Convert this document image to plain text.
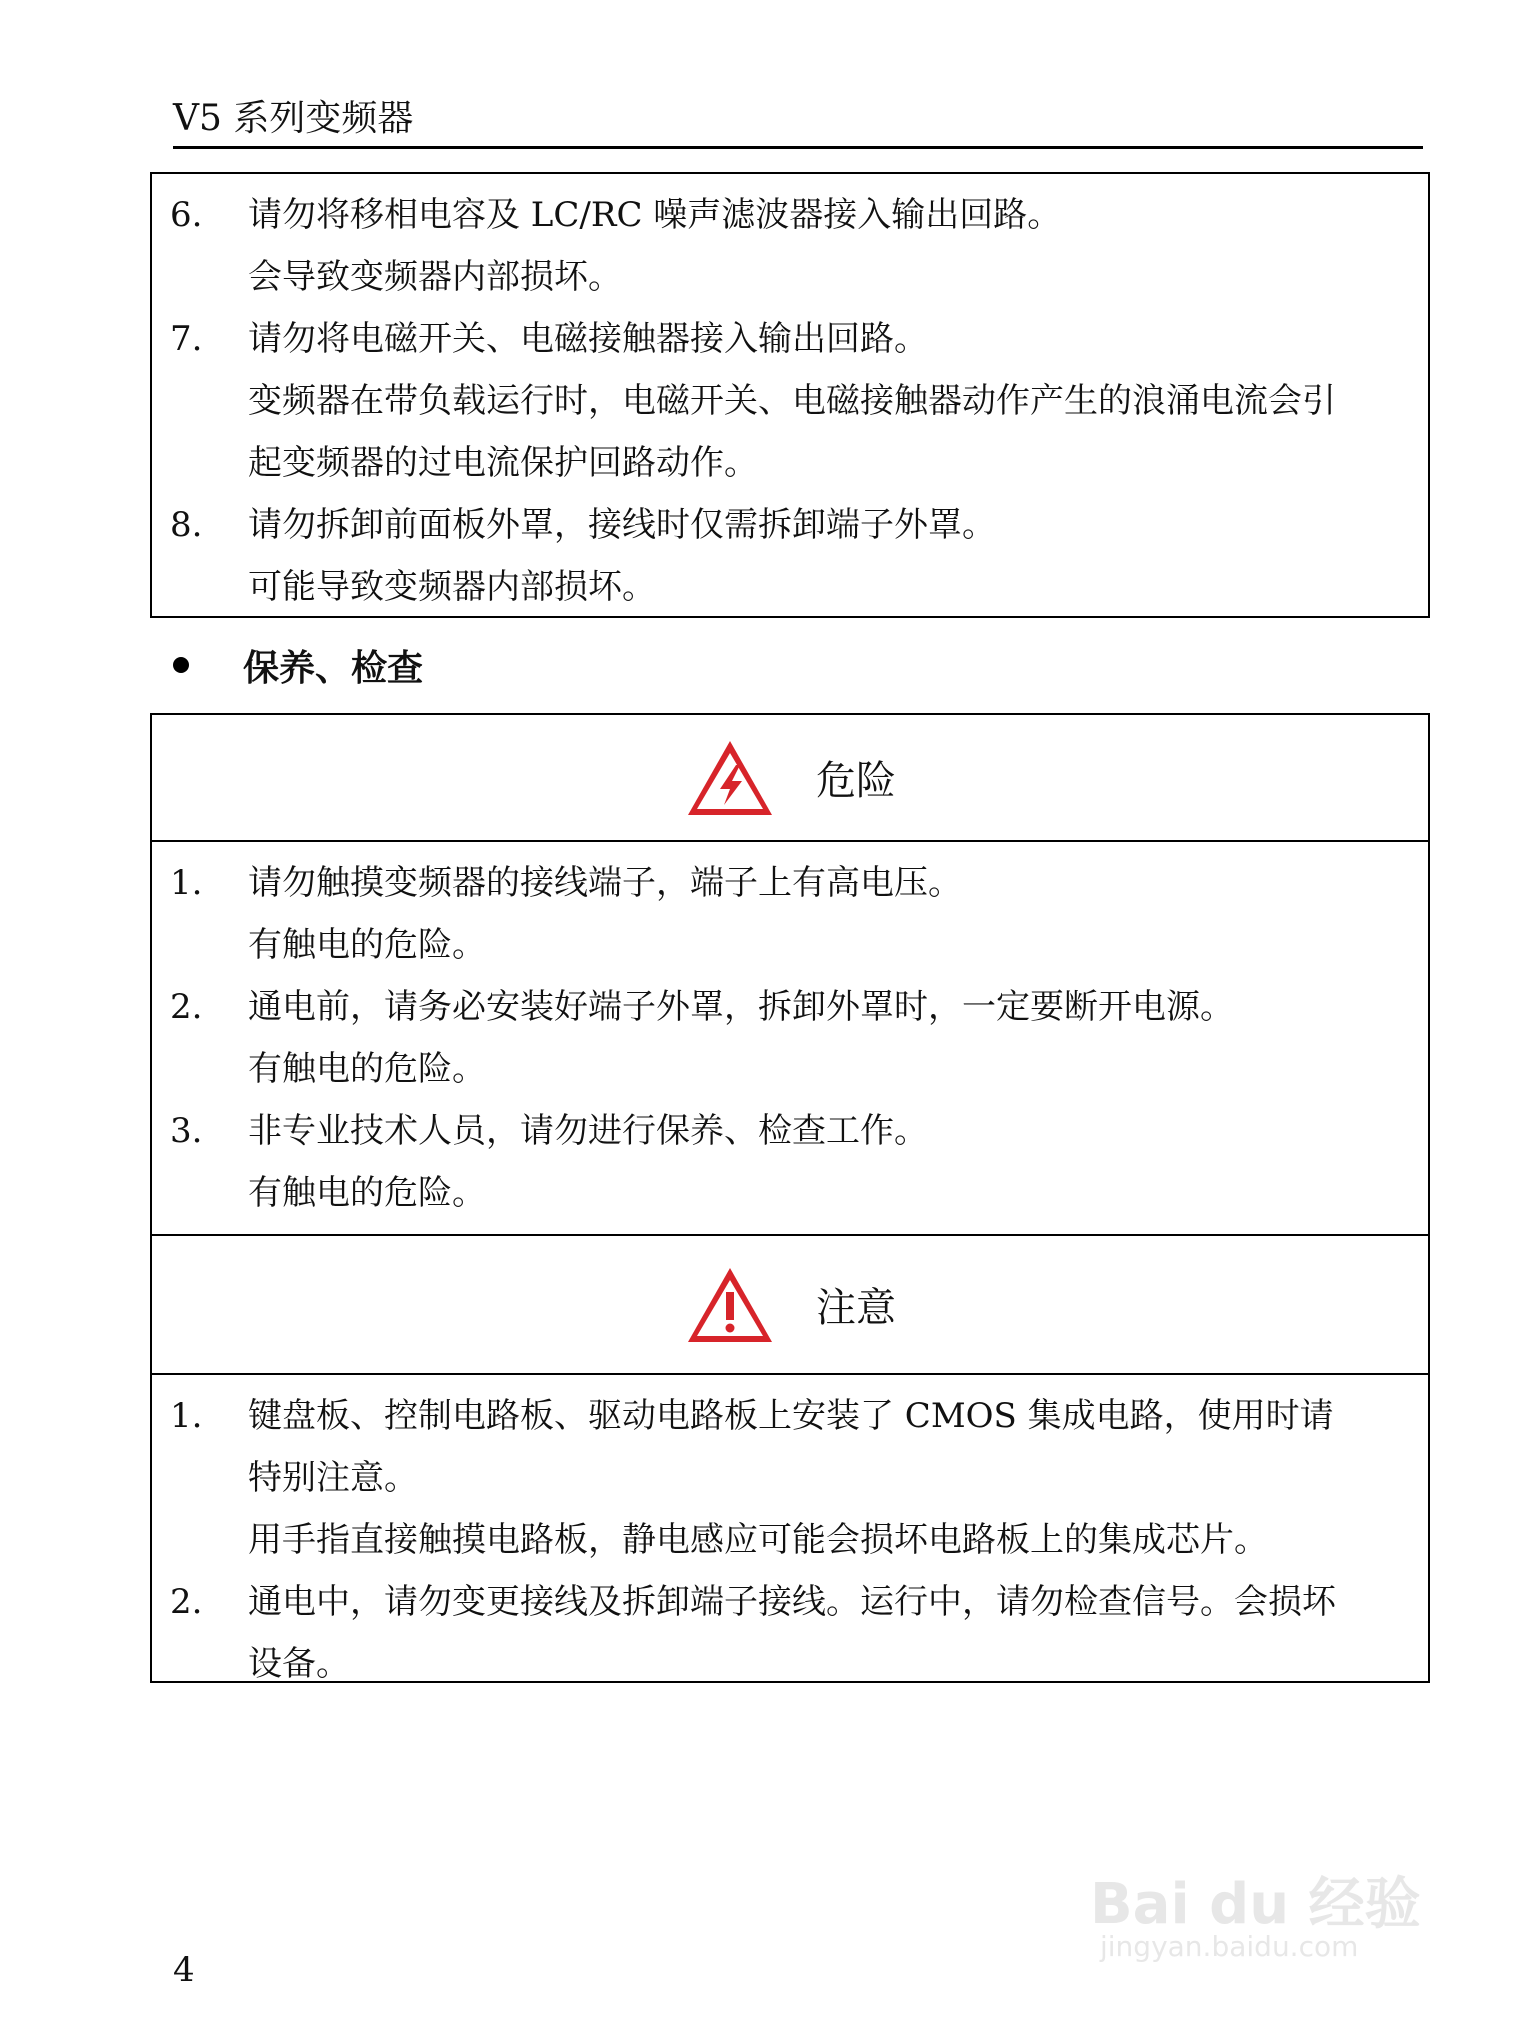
V5 系列变频器
6.	请勿将移相电容及 LC/RC 噪声滤波器接入输出回路。
会导致变频器内部损坏。
7.	请勿将电磁开关、电磁接触器接入输出回路。
变频器在带负载运行时，电磁开关、电磁接触器动作产生的浪涌电流会引
起变频器的过电流保护回路动作。
8.	请勿拆卸前面板外罩，接线时仅需拆卸端子外罩。
可能导致变频器内部损坏。
保养、检查
危险
1.	请勿触摸变频器的接线端子，端子上有高电压。
有触电的危险。
2.	通电前，请务必安装好端子外罩，拆卸外罩时，一定要断开电源。
有触电的危险。
3.	非专业技术人员，请勿进行保养、检查工作。
有触电的危险。
注意
1.	键盘板、控制电路板、驱动电路板上安装了 CMOS 集成电路，使用时请
特别注意。
用手指直接触摸电路板，静电感应可能会损坏电路板上的集成芯片。
2.	通电中，请勿变更接线及拆卸端子接线。运行中，请勿检查信号。会损坏
设备。
4
Bai du 经验
jingyan.baidu.com
